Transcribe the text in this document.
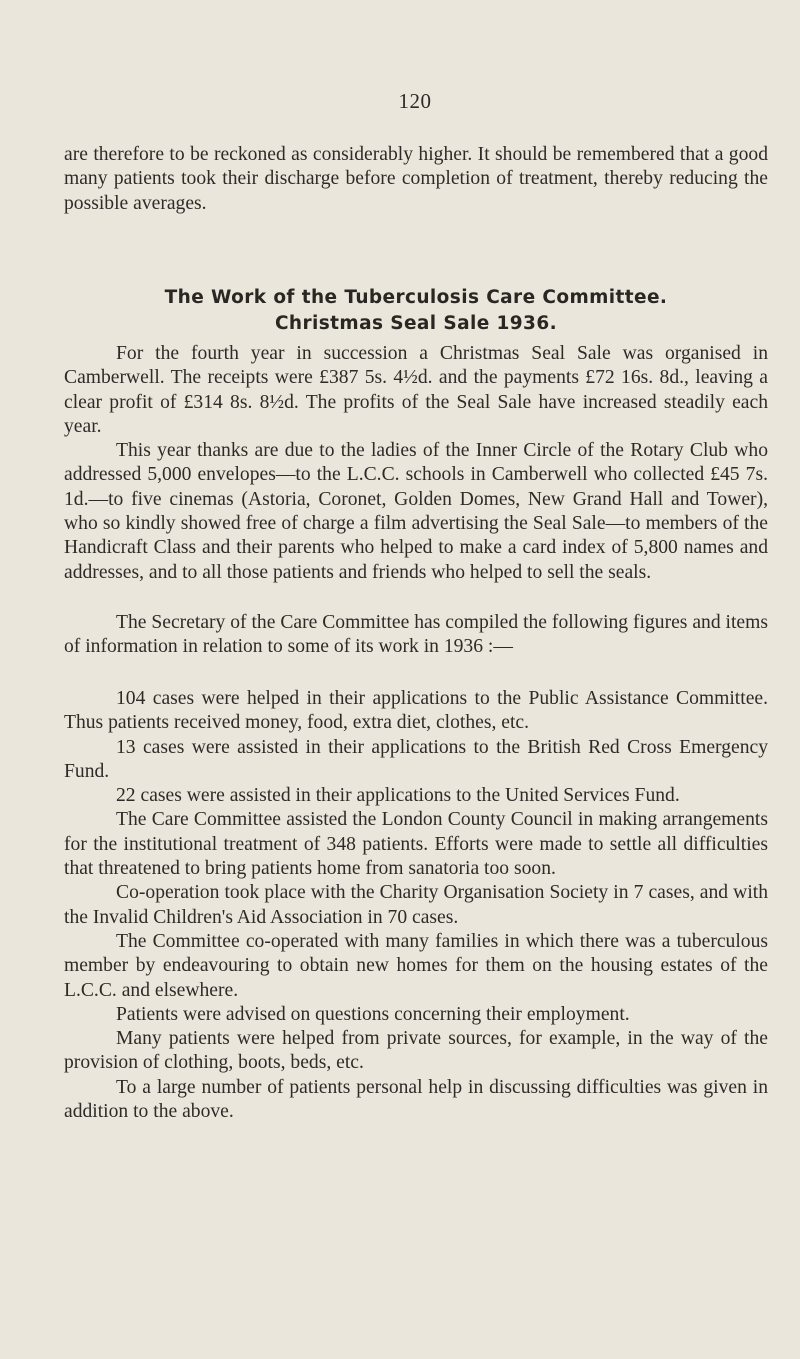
120

are therefore to be reckoned as considerably higher. It should be remembered that a good many patients took their discharge before completion of treatment, thereby reducing the possible averages.

The Work of the Tuberculosis Care Committee.
Christmas Seal Sale 1936.

For the fourth year in succession a Christmas Seal Sale was organised in Camberwell. The receipts were £387 5s. 4½d. and the payments £72 16s. 8d., leaving a clear profit of £314 8s. 8½d. The profits of the Seal Sale have increased steadily each year.

This year thanks are due to the ladies of the Inner Circle of the Rotary Club who addressed 5,000 envelopes—to the L.C.C. schools in Camberwell who collected £45 7s. 1d.—to five cinemas (Astoria, Coronet, Golden Domes, New Grand Hall and Tower), who so kindly showed free of charge a film advertising the Seal Sale—to members of the Handicraft Class and their parents who helped to make a card index of 5,800 names and addresses, and to all those patients and friends who helped to sell the seals.

The Secretary of the Care Committee has compiled the following figures and items of information in relation to some of its work in 1936 :—

104 cases were helped in their applications to the Public Assistance Committee. Thus patients received money, food, extra diet, clothes, etc.

13 cases were assisted in their applications to the British Red Cross Emergency Fund.

22 cases were assisted in their applications to the United Services Fund.

The Care Committee assisted the London County Council in making arrangements for the institutional treatment of 348 patients. Efforts were made to settle all difficulties that threatened to bring patients home from sanatoria too soon.

Co-operation took place with the Charity Organisation Society in 7 cases, and with the Invalid Children's Aid Association in 70 cases.

The Committee co-operated with many families in which there was a tuberculous member by endeavouring to obtain new homes for them on the housing estates of the L.C.C. and elsewhere.

Patients were advised on questions concerning their employment.

Many patients were helped from private sources, for example, in the way of the provision of clothing, boots, beds, etc.

To a large number of patients personal help in discussing difficulties was given in addition to the above.
